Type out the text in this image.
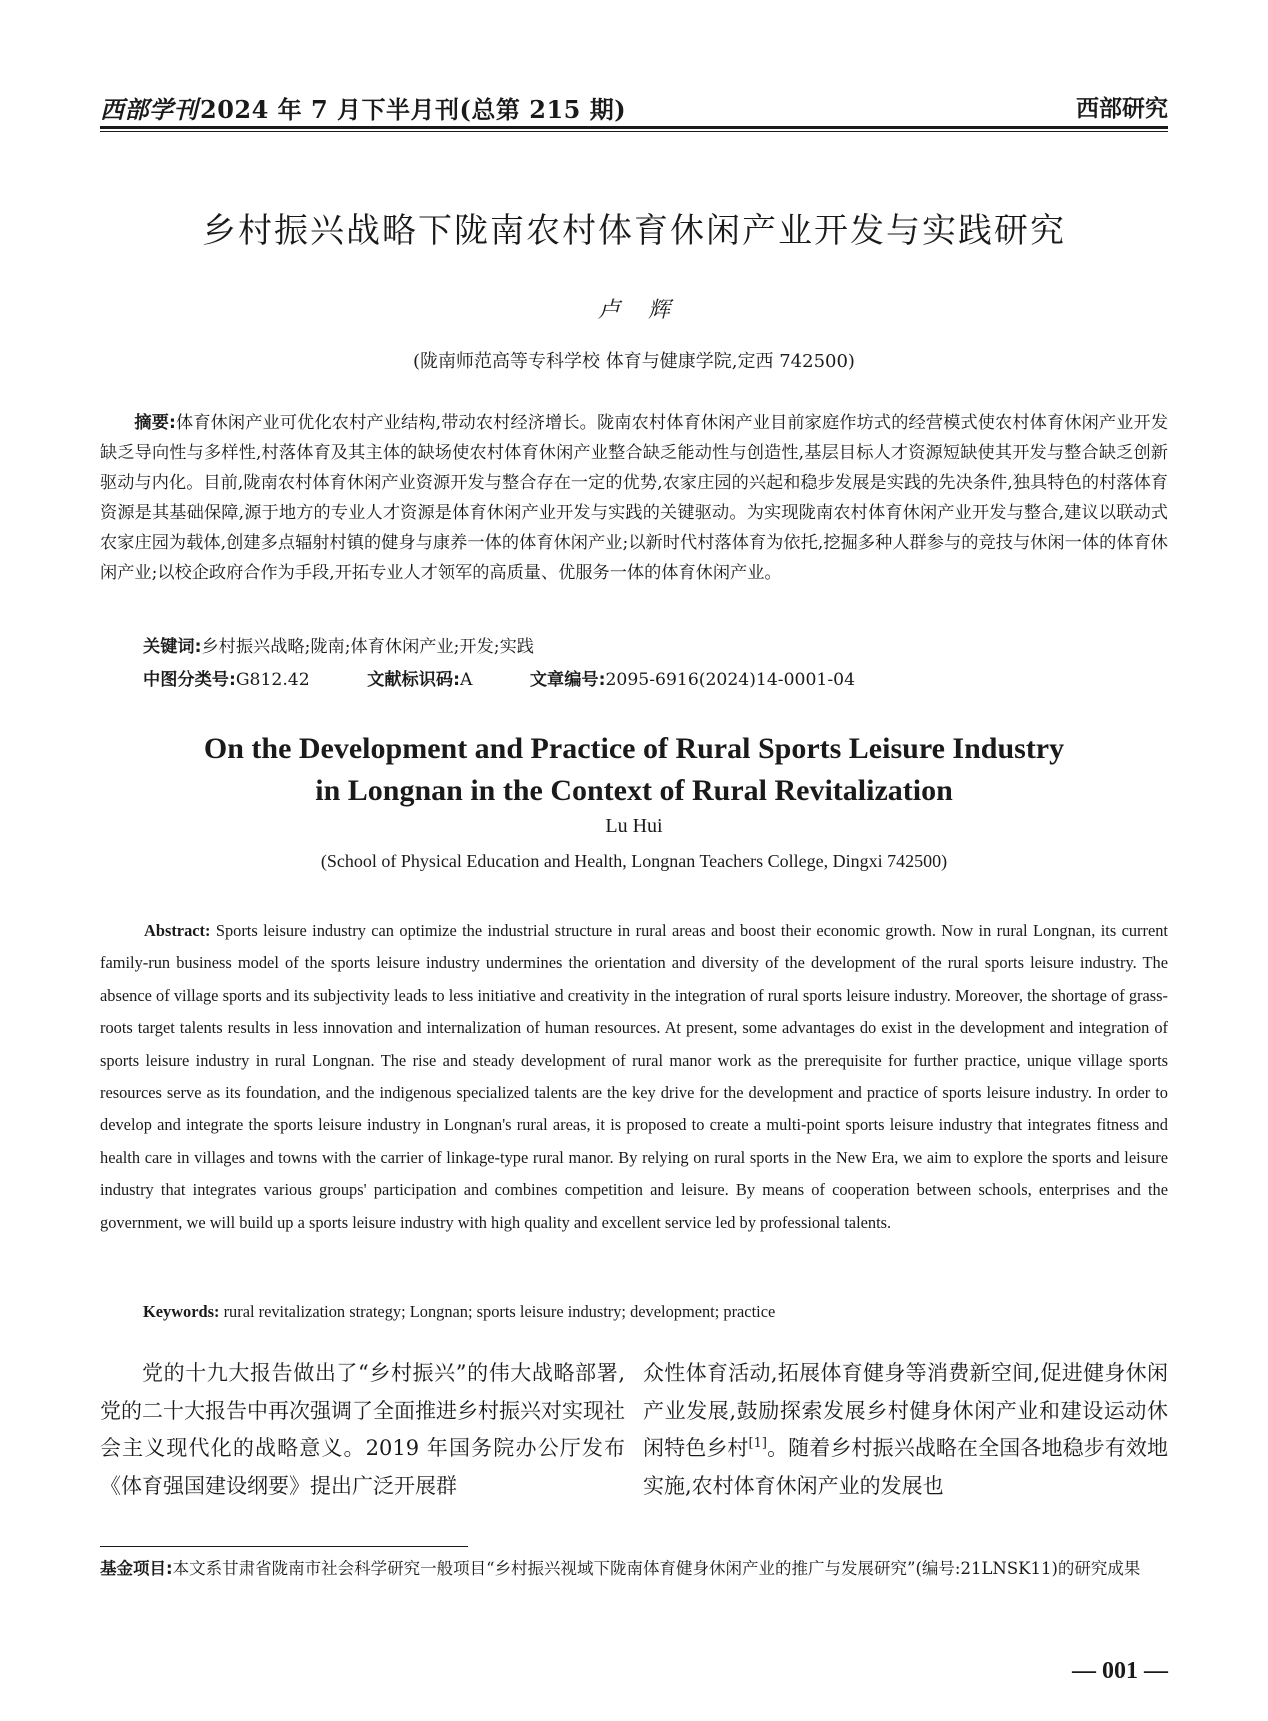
西部学刊2024 年 7 月下半月刊(总第 215 期)	西部研究
乡村振兴战略下陇南农村体育休闲产业开发与实践研究
卢辉
(陇南师范高等专科学校 体育与健康学院,定西 742500)
摘要:体育休闲产业可优化农村产业结构,带动农村经济增长。陇南农村体育休闲产业目前家庭作坊式的经营模式使农村体育休闲产业开发缺乏导向性与多样性,村落体育及其主体的缺场使农村体育休闲产业整合缺乏能动性与创造性,基层目标人才资源短缺使其开发与整合缺乏创新驱动与内化。目前,陇南农村体育休闲产业资源开发与整合存在一定的优势,农家庄园的兴起和稳步发展是实践的先决条件,独具特色的村落体育资源是其基础保障,源于地方的专业人才资源是体育休闲产业开发与实践的关键驱动。为实现陇南农村体育休闲产业开发与整合,建议以联动式农家庄园为载体,创建多点辐射村镇的健身与康养一体的体育休闲产业;以新时代村落体育为依托,挖掘多种人群参与的竞技与休闲一体的体育休闲产业;以校企政府合作为手段,开拓专业人才领军的高质量、优服务一体的体育休闲产业。
关键词:乡村振兴战略;陇南;体育休闲产业;开发;实践
中图分类号:G812.42	文献标识码:A	文章编号:2095-6916(2024)14-0001-04
On the Development and Practice of Rural Sports Leisure Industry
in Longnan in the Context of Rural Revitalization
Lu Hui
(School of Physical Education and Health, Longnan Teachers College, Dingxi 742500)
Abstract: Sports leisure industry can optimize the industrial structure in rural areas and boost their economic growth. Now in rural Longnan, its current family-run business model of the sports leisure industry undermines the orientation and diversity of the development of the rural sports leisure industry. The absence of village sports and its subjectivity leads to less initiative and creativity in the integration of rural sports leisure industry. Moreover, the shortage of grass-roots target talents results in less innovation and internalization of human resources. At present, some advantages do exist in the development and integration of sports leisure industry in rural Longnan. The rise and steady development of rural manor work as the prerequisite for further practice, unique village sports resources serve as its foundation, and the indigenous specialized talents are the key drive for the development and practice of sports leisure industry. In order to develop and integrate the sports leisure industry in Longnan's rural areas, it is proposed to create a multi-point sports leisure industry that integrates fitness and health care in villages and towns with the carrier of linkage-type rural manor. By relying on rural sports in the New Era, we aim to explore the sports and leisure industry that integrates various groups' participation and combines competition and leisure. By means of cooperation between schools, enterprises and the government, we will build up a sports leisure industry with high quality and excellent service led by professional talents.
Keywords: rural revitalization strategy; Longnan; sports leisure industry; development; practice
党的十九大报告做出了“乡村振兴”的伟大战略部署,党的二十大报告中再次强调了全面推进乡村振兴对实现社会主义现代化的战略意义。2019 年国务院办公厅发布《体育强国建设纲要》提出广泛开展群
众性体育活动,拓展体育健身等消费新空间,促进健身休闲产业发展,鼓励探索发展乡村健身休闲产业和建设运动休闲特色乡村[1]。随着乡村振兴战略在全国各地稳步有效地实施,农村体育休闲产业的发展也
基金项目:本文系甘肃省陇南市社会科学研究一般项目“乡村振兴视域下陇南体育健身休闲产业的推广与发展研究”(编号:21LNSK11)的研究成果
— 001 —
